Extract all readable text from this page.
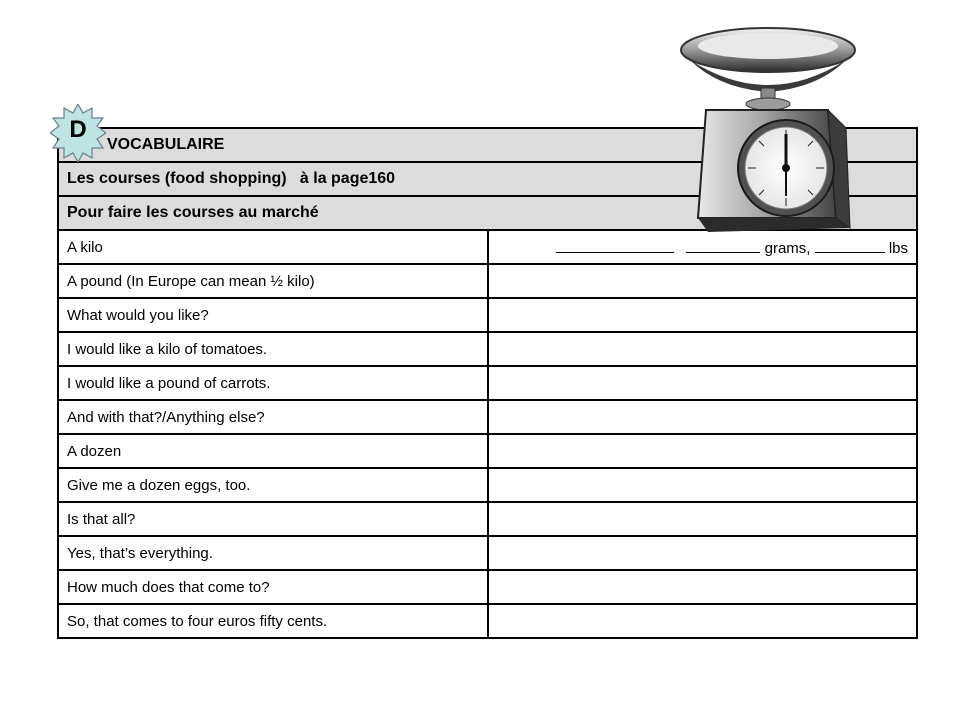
VOCABULAIRE	
Les courses (food shopping)   à la page160	
Pour faire les courses au marché	
A kilo	grams, lbs
A pound (In Europe can mean ½ kilo)	
What would you like?	
I would like a kilo of tomatoes.	
I would like a pound of carrots.	
And with that?/Anything else?	
A dozen	
Give me a dozen eggs, too.	
Is that all?	
Yes, that’s everything.	
How much does that come to?	
So, that comes to four euros fifty cents.	
D
